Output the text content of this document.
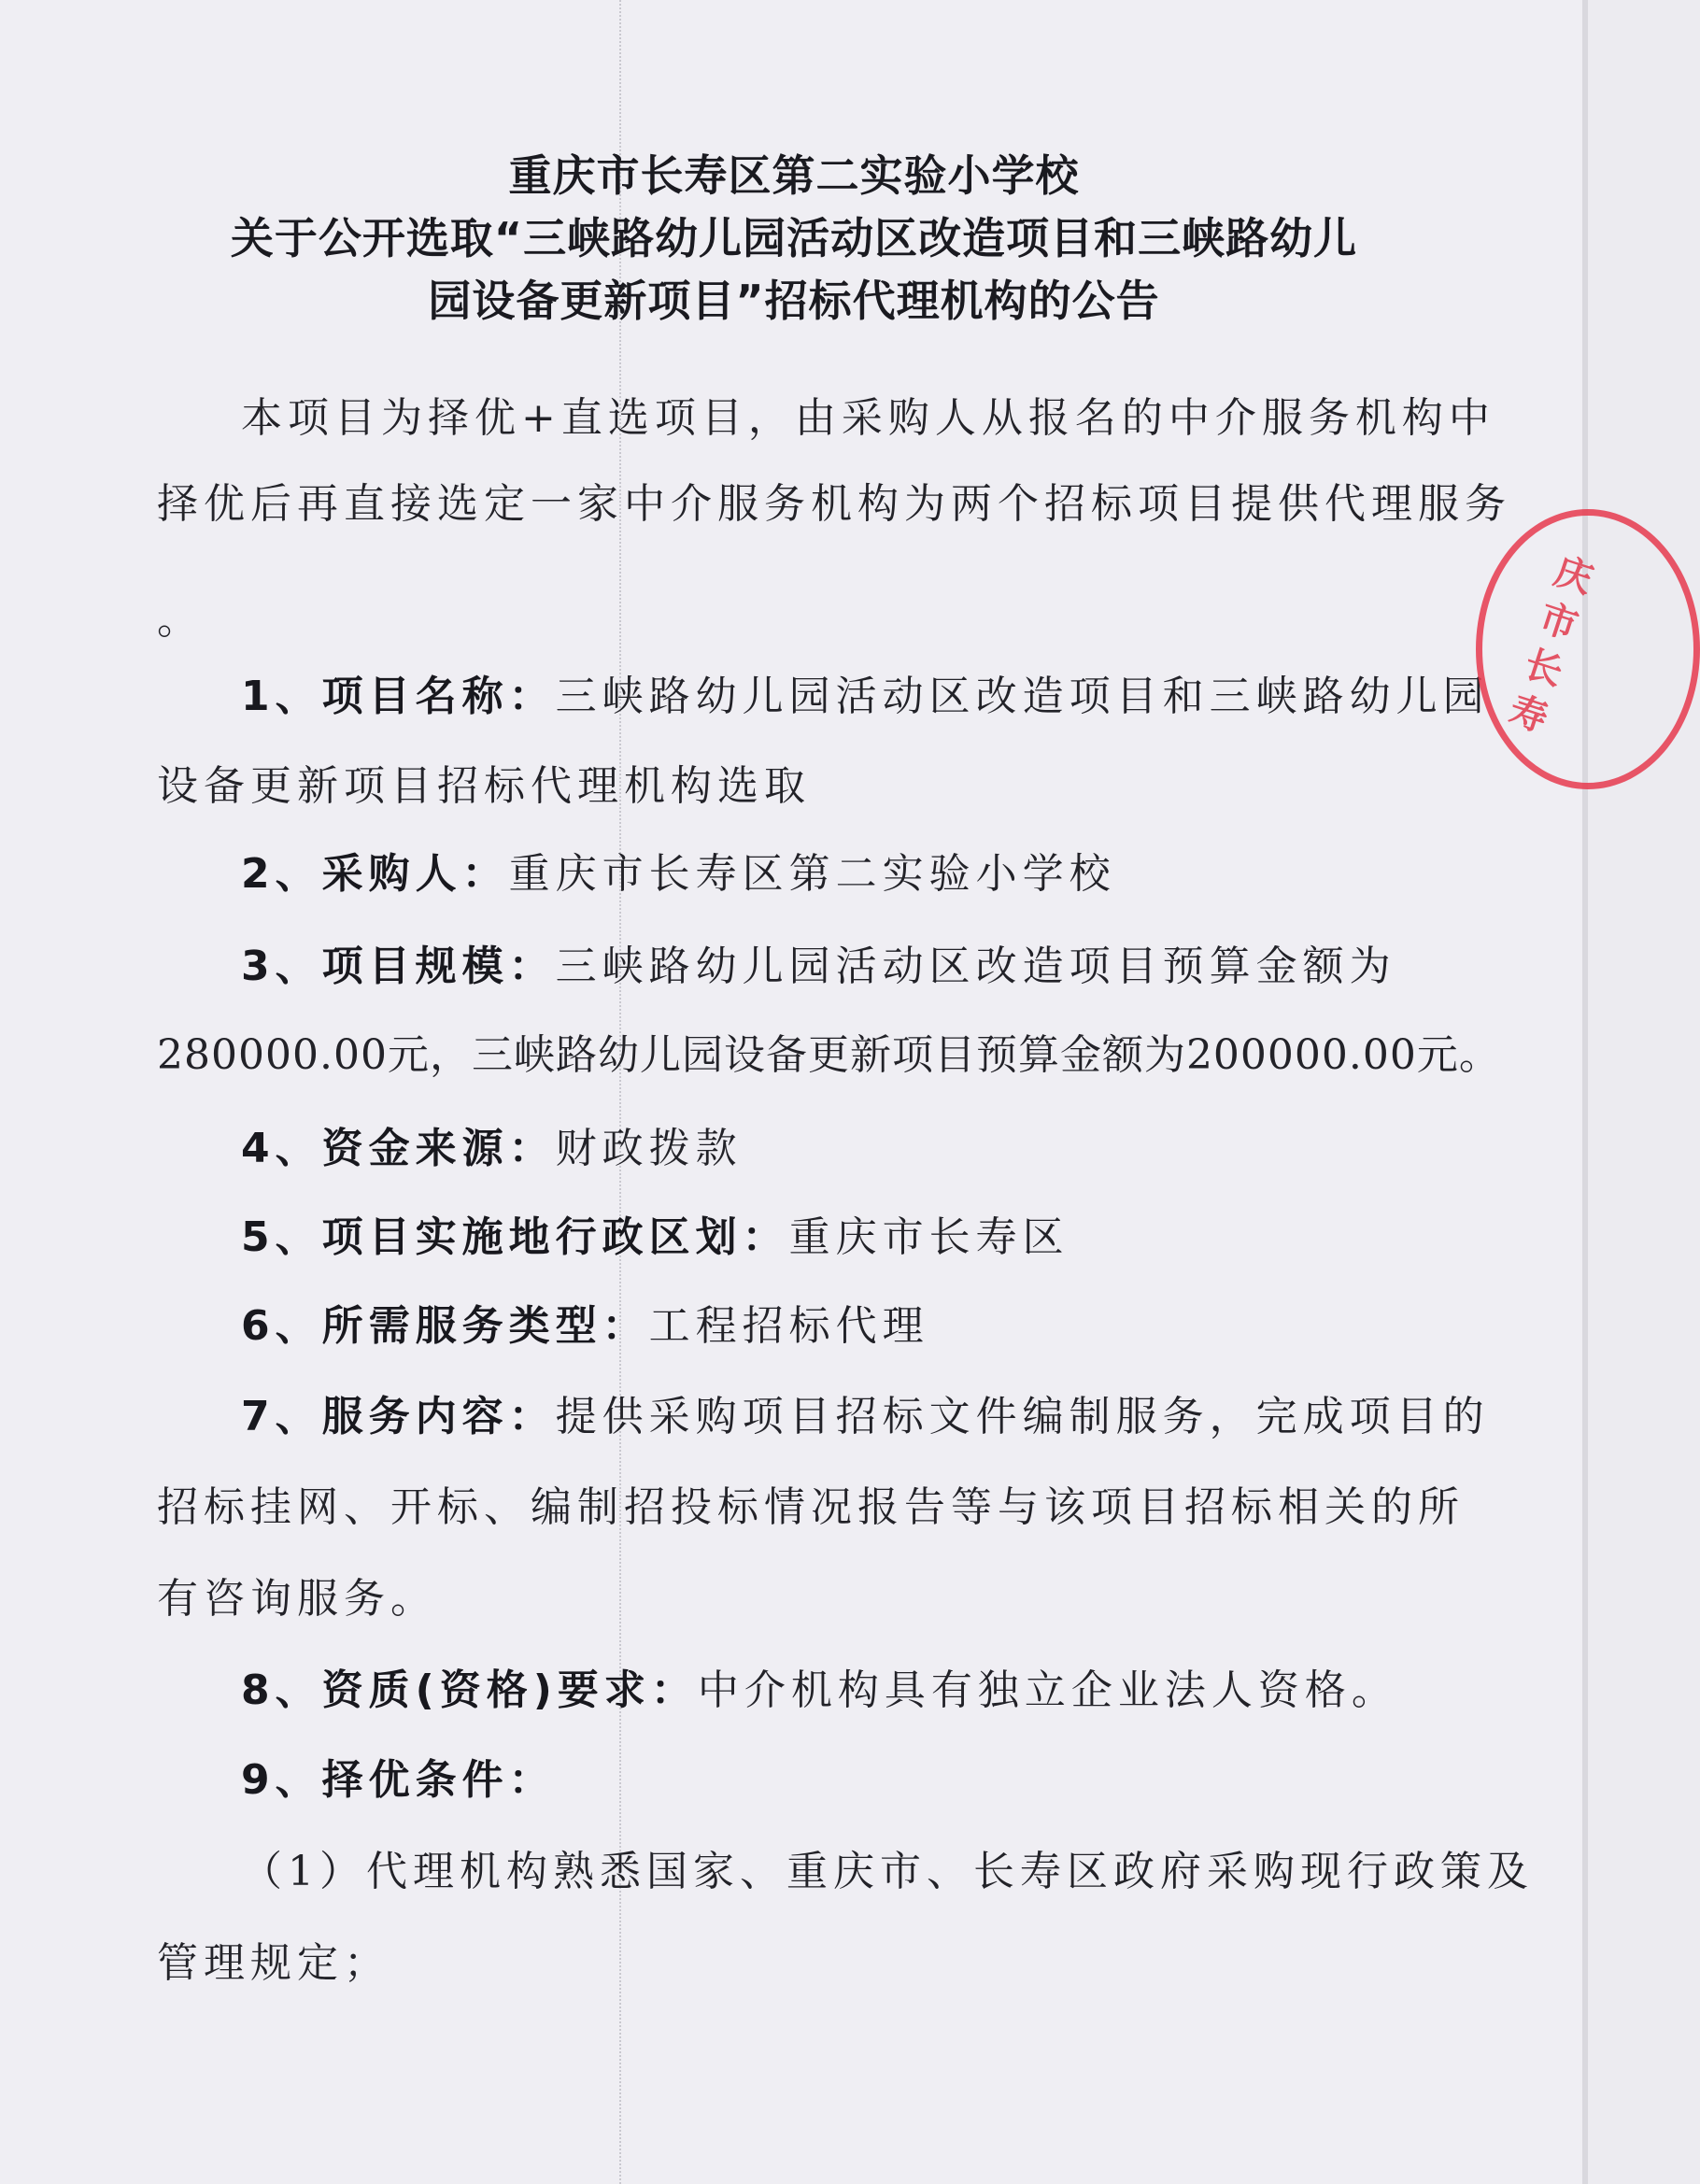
重庆市长寿区第二实验小学校
关于公开选取“三峡路幼儿园活动区改造项目和三峡路幼儿
园设备更新项目”招标代理机构的公告
本项目为择优+直选项目，由采购人从报名的中介服务机构中
择优后再直接选定一家中介服务机构为两个招标项目提供代理服务
。
1、项目名称：三峡路幼儿园活动区改造项目和三峡路幼儿园
设备更新项目招标代理机构选取
2、采购人：重庆市长寿区第二实验小学校
3、项目规模：三峡路幼儿园活动区改造项目预算金额为
280000.00元，三峡路幼儿园设备更新项目预算金额为200000.00元。
4、资金来源：财政拨款
5、项目实施地行政区划：重庆市长寿区
6、所需服务类型：工程招标代理
7、服务内容：提供采购项目招标文件编制服务，完成项目的
招标挂网、开标、编制招投标情况报告等与该项目招标相关的所
有咨询服务。
8、资质(资格)要求：中介机构具有独立企业法人资格。
9、择优条件：
（1）代理机构熟悉国家、重庆市、长寿区政府采购现行政策及
管理规定；
庆市长寿
